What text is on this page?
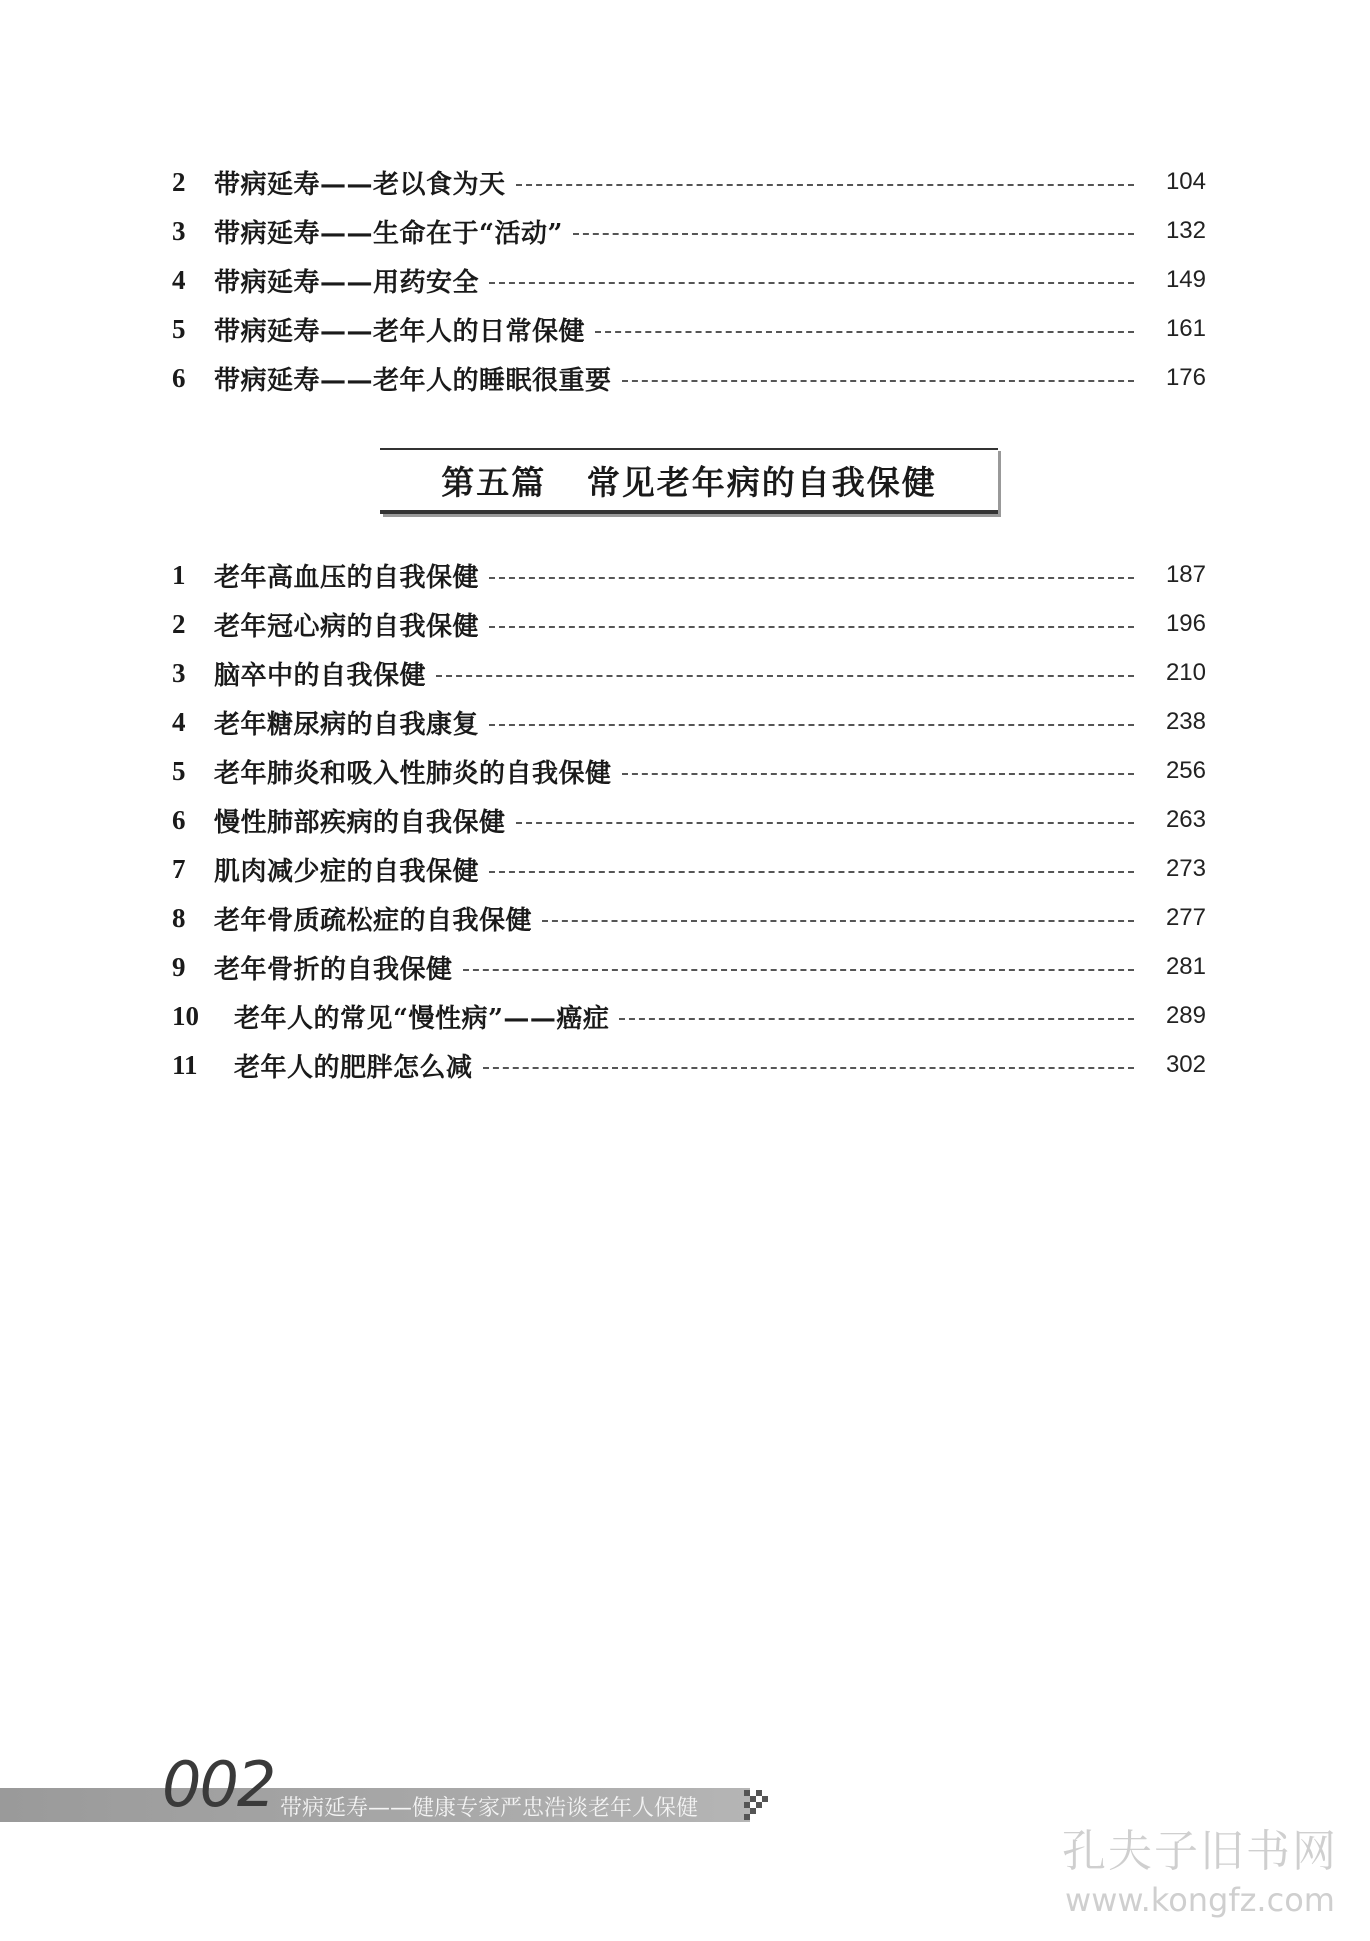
2	带病延寿——老以食为天	104
3	带病延寿——生命在于“活动”	132
4	带病延寿——用药安全	149
5	带病延寿——老年人的日常保健	161
6	带病延寿——老年人的睡眠很重要	176
第五篇   常见老年病的自我保健
1	老年高血压的自我保健	187
2	老年冠心病的自我保健	196
3	脑卒中的自我保健	210
4	老年糖尿病的自我康复	238
5	老年肺炎和吸入性肺炎的自我保健	256
6	慢性肺部疾病的自我保健	263
7	肌肉减少症的自我保健	273
8	老年骨质疏松症的自我保健	277
9	老年骨折的自我保健	281
10	老年人的常见“慢性病”——癌症	289
11	老年人的肥胖怎么减	302
002 带病延寿——健康专家严忠浩谈老年人保健
孔夫子旧书网
www.kongfz.com
